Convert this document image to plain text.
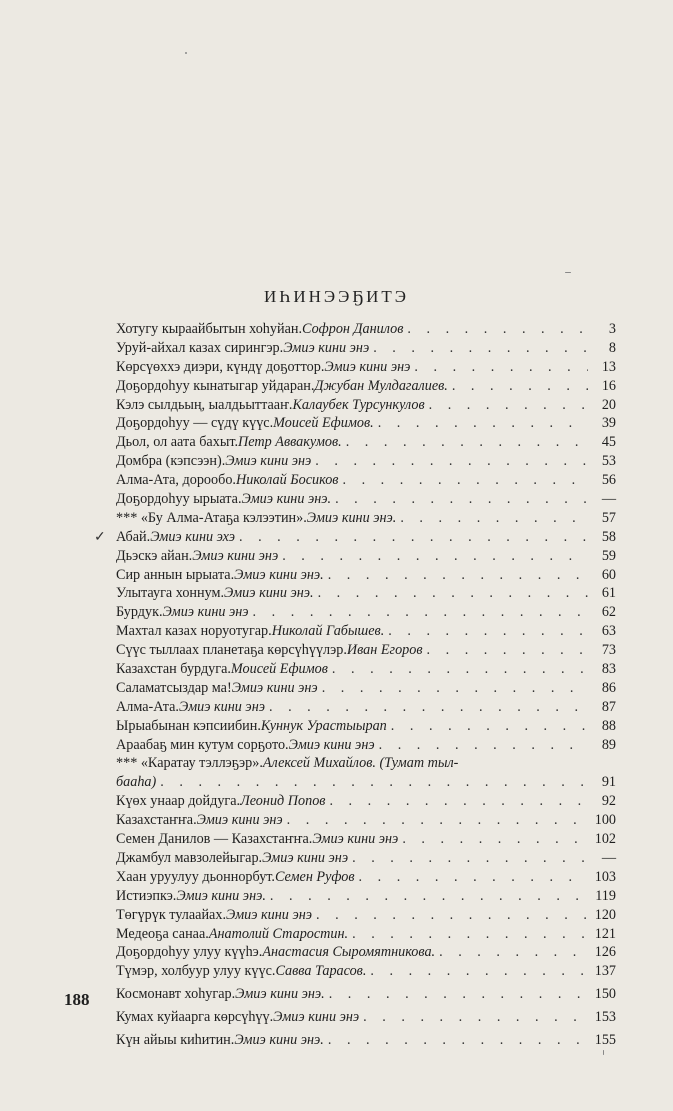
ИҺИНЭЭҔИТЭ
Хотугу кыраайбытын хоһуйан. Софрон Данилов . . .	3
Уруй-айхал казах сирингэр. Эмиэ кини энэ . . .	8
Көрсүөххэ диэри, күндү доҕоттор. Эмиэ кини энэ . . .	13
Доҕордоһуу кынатыгар уйдаран. Джубан Мулдагалиев. . . .	16
Кэлэ сылдьың, ыалдьыттааҥ. Калаубек Турсункулов . . .	20
Доҕордоһуу — сүдү күүс. Моисей Ефимов. . . .	39
Дьол, ол аата бахыт. Петр Аввакумов. . . .	45
Домбра (кэпсээн). Эмиэ кини энэ . . .	53
Алма-Ата, дорообо. Николай Босиков . . .	56
Доҕордоһуу ырыата. Эмиэ кини энэ. . . .	—
*** «Бу Алма-Атаҕа кэлээтин». Эмиэ кини энэ. . . .	57
✓ Абай. Эмиэ кини эхэ . . .	58
Дьэскэ айан. Эмиэ кини энэ . . .	59
Сир аннын ырыата. Эмиэ кини энэ. . . .	60
Улытауга хоннум. Эмиэ кини энэ. . . .	61
Бурдук. Эмиэ кини энэ . . .	62
Махтал казах норуотугар. Николай Габышев. . . .	63
Сүүс тыллаах планетаҕа көрсүһүүлэр. Иван Егоров . . .	73
Казахстан бурдуга. Моисей Ефимов . . .	83
Саламатсыздар ма! Эмиэ кини энэ . . .	86
Алма-Ата. Эмиэ кини энэ . . .	87
Ырыабынан кэпсиибин. Куннук Урастыырап . . .	88
Араабаҕ мин кутум сорҕото. Эмиэ кини энэ . . .	89
*** «Каратау тэллэҕэр». Алексей Михайлов. (Тумат тыл-
бааһа) . . .	91
Күөх унаар дойдуга. Леонид Попов . . .	92
Казахстаҥҥа. Эмиэ кини энэ . . .	100
Семен Данилов — Казахстаҥҥа. Эмиэ кини энэ . . .	102
Джамбул мавзолейыгар. Эмиэ кини энэ . . .	—
Хаан уруулуу дьоннорбут. Семен Руфов . . .	103
Истиэпкэ. Эмиэ кини энэ. . . .	119
Төгүрүк тулаайах. Эмиэ кини энэ . . .	120
Медеоҕа санаа. Анатолий Старостин. . . .	121
Доҕордоһуу улуу күүһэ. Анастасия Сыромятникова. . . .	126
Түмэр, холбуур улуу күүс. Савва Тарасов. . . .	137
Космонавт хоһугар. Эмиэ кини энэ. . . .	150
Кумах куйаарга көрсүһүү. Эмиэ кини энэ . . .	153
Күн айыы киһитин. Эмиэ кини энэ. . . .	155
188
